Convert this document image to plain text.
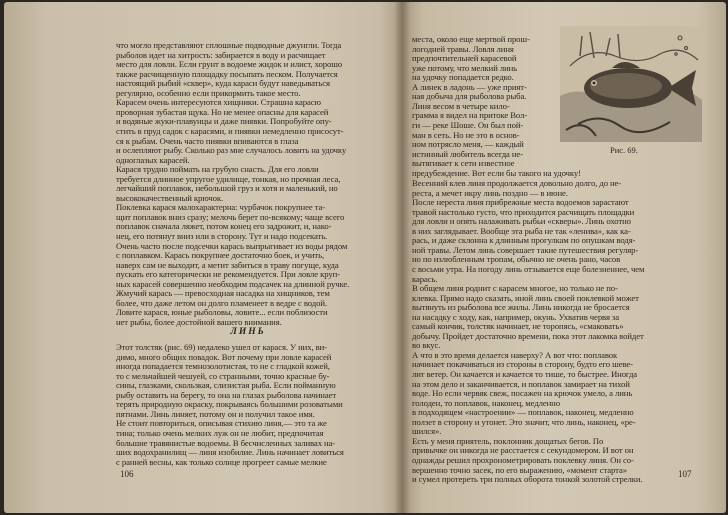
что могло представляют сплошные подводные джунгли. Тогда
рыболов идет на хитрость: забирается в воду и расчищает
место для ловли. Если грунт в водоеме жидок и илист, хорошо
также расчищенную площадку посыпать песком. Получается
настоящий рыбий «сквер», куда караси будут наведываться
регулярно, особенно если прикормить такое место.
Карасем очень интересуются хищники. Страшна карасю
проворная зубастая щука. Но не менее опасны для карасей
и водяные жуки-плавунцы и даже пиявки. Попробуйте опу-
стить в пруд садок с карасями, и пиявки немедленно присосут-
ся к рыбам. Очень часто пиявки впиваются в глаза
и ослепляют рыбу. Сколько раз мне случалось ловить на удочку
одноглазых карасей.
Карася трудно поймать на грубую снасть. Для его ловли
требуется длинное упругое удилище, тонкая, но прочная леса,
легчайший поплавок, небольшой груз и хотя и маленький, но
высококачественный крючок.
Поклевка карася малохарактерна: чурбачок покрупнее та-
щит поплавок вниз сразу; мелочь берет по-всякому; чаще всего
поплавок сначала ляжет, потом конец его задрожит, и, нако-
нец, его потянут вниз или в сторону. Тут и надо подсекать.
Очень часто после подсечки карась выпрыгивает из воды рядом
с поплавком. Карась покрупнее достаточно боек, и учить,
наверх сам не выходит, а метит забиться в траву погуще, куда
пускать его категорически не рекомендуется. При ловле круп-
ных карасей совершенно необходим подсачек на длинной ручке.
Жмучий карась — превосходная насадка на хищников, тем
более, что даже летом он долго пламенеет в ведре с водой.
Ловите карася, юные рыболовы, ловите... если поблизости
нет рыбы, более достойной вашего внимания.
ЛИНЬ
Этот толстяк (рис. 69) недалеко ушел от карася. У них, ви-
димо, много общих повадок. Вот почему при ловле карасей
иногда попадается темнозолотистая, то не с гладкой кожей,
то с мельчайшей чешуей, со странными, точно красные бу-
сины, глазками, скользкая, слизистая рыба. Если пойманную
рыбу оставить на берегу, то она на глазах рыболова начинает
терять природную окраску, покрываясь большими розоватыми
пятнами. Линь линяет, потому он и получил такое имя.
Не стоит повториться, описывая стихию линя,— это та же
тина; только очень мелких луж он не любит, предпочитая
большие травянистые водоемы. В бесчисленных заливах на-
ших водохранилищ — линя изобилие. Линь начинает ловиться
с ранней весны, как только солнце прогреет самые мелкие
106
места, около еще мертвой прош-
логодней травы. Ловля линя
предпочтительней карасевой
уже потому, что мелкий линь
на удочку попадается редко.
А линек в ладонь — уже прият-
ная добыча для рыболова рыба.
Линя весом в четыре кило-
грамма я видел на притоке Вол-
ги — реке Шоше. Он был пой-
ман в сеть. Но не это в основ-
ном потрясло меня, — каждый
истинный любитель всегда не-
вытягивает к сети известное
предубеждение. Вот если бы такого на удочку!
Рис. 69.
Весенний клев линя продолжается довольно долго, до не-
реста, а мечет икру линь поздно — в июне.
После нереста линя прибрежные места водоемов зарастают
травой настолько густо, что приходится расчищать площадки
для ловли и опять налаживать рыбьи «скверы». Линь охотно
в них заглядывает. Вообще эта рыба не так «ленива», как ка-
рась, и даже склонна к длинным прогулкам по опушкам водя-
ной травы. Летом линь совершает такие путешествия регуляр-
но по излюбленным тропам, обычно не очень рано, часов
с восьми утра. На погоду линь отзывается еще болезненнее, чем
карась.
В общем линя роднит с карасем многое, но только не по-
клевка. Прямо надо сказать, иной линь своей поклевкой может
вытянуть из рыболова все жилы. Линь никогда не бросается
на насадку с ходу, как, например, окунь. Ухватив червя за
самый кончик, толстяк начинает, не торопясь, «смаковать»
добычу. Пройдет достаточно времени, пока этот лакомка войдет
во вкус.
А что в это время делается наверху? А вот что: поплавок
начинает покачиваться из стороны в сторону, будто его шеве-
лит ветер. Он качается и качается то тише, то быстрее. Иногда
на этом дело и заканчивается, и поплавок замирает на тихой
воде. Но если червяк свеж, посажен на крючок умело, а линь
голоден, то поплавок, наконец, медленно
в подходящем «настроении» — поплавок, наконец, медленно
ползет в сторону и утонет. Это значит, что линь, наконец, «ре-
шился».
Есть у меня приятель, поклонник дощатых бегов. По
привычке он никогда не расстается с секундомером. И вот он
однажды решил прохронометрировать поклевку линя. Он со-
вершенно точно засек, по его выражению, «момент старта»
и сумел протереть три полных оборота тонкой золотой стрелки.
107
